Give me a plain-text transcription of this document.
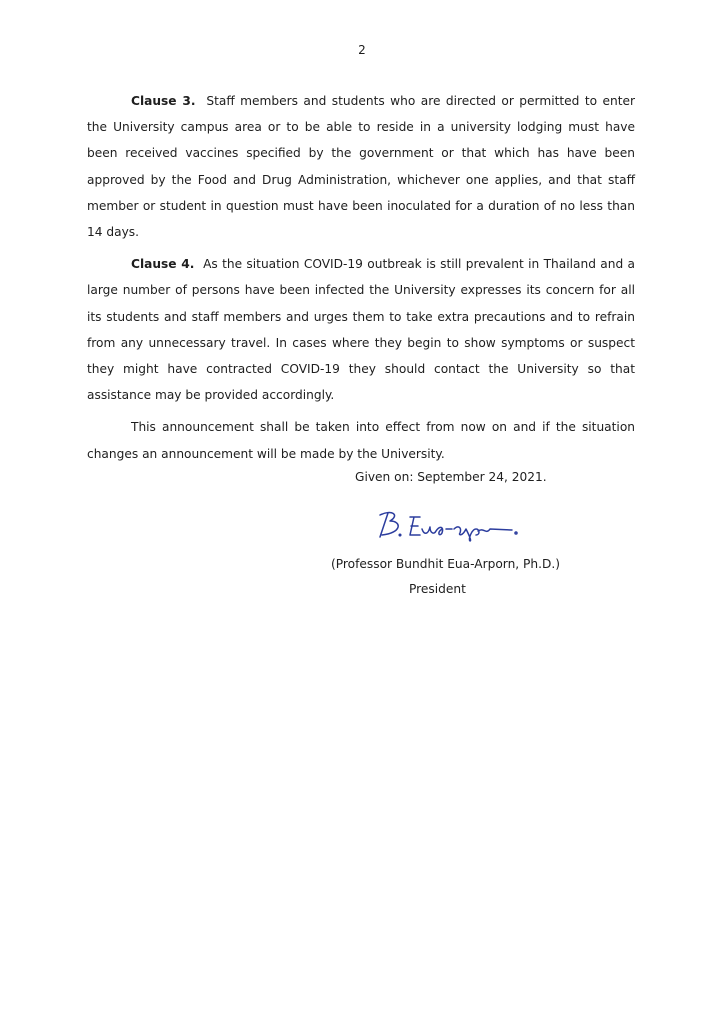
2

Clause 3. Staff members and students who are directed or permitted to enter the University campus area or to be able to reside in a university lodging must have been received vaccines specified by the government or that which has have been approved by the Food and Drug Administration, whichever one applies, and that staff member or student in question must have been inoculated for a duration of no less than 14 days.

Clause 4. As the situation COVID-19 outbreak is still prevalent in Thailand and a large number of persons have been infected the University expresses its concern for all its students and staff members and urges them to take extra precautions and to refrain from any unnecessary travel. In cases where they begin to show symptoms or suspect they might have contracted COVID-19 they should contact the University so that assistance may be provided accordingly.

This announcement shall be taken into effect from now on and if the situation changes an announcement will be made by the University.

Given on: September 24, 2021.
(Professor Bundhit Eua-Arporn, Ph.D.)
President
